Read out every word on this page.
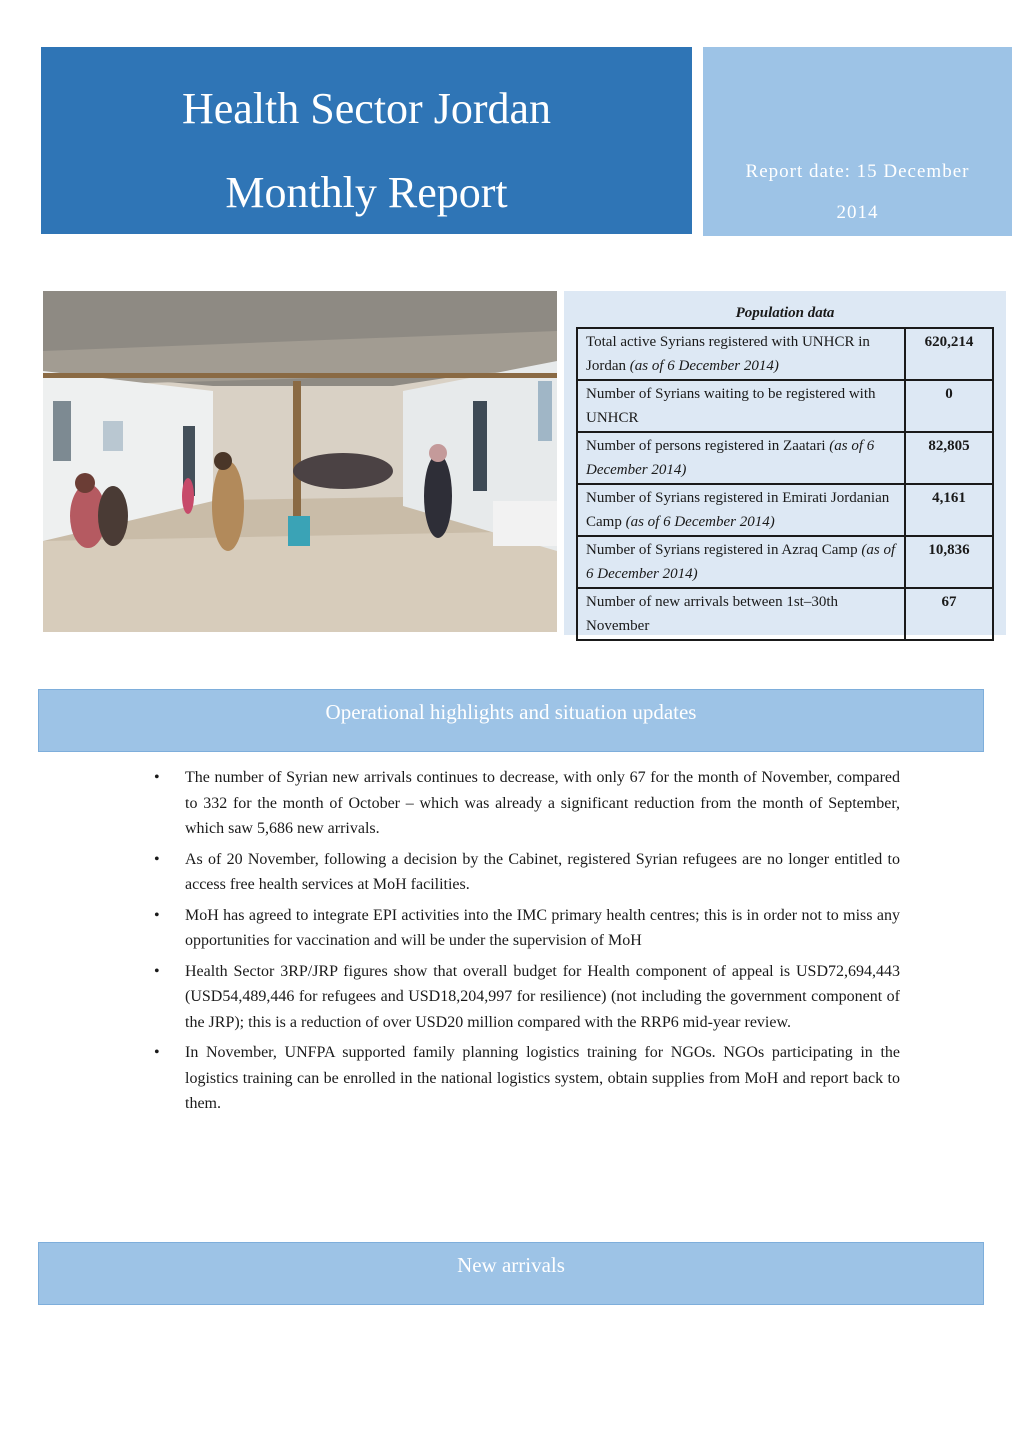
Health Sector Jordan
Monthly Report	Report date: 15 December
2014
Period covered: November 1st–30th 2014
Population data
Total active Syrians registered with UNHCR in Jordan (as of 6 December 2014)	620,214
Number of Syrians waiting to be registered with UNHCR	0
Number of persons registered in Zaatari (as of 6 December 2014)	82,805
Number of Syrians registered in Emirati Jordanian Camp (as of 6 December 2014)	4,161
Number of Syrians registered in Azraq Camp (as of 6 December 2014)	10,836
Number of new arrivals between 1st–30th November	67
Operational highlights and situation updates
• The number of Syrian new arrivals continues to decrease, with only 67 for the month of November, compared to 332 for the month of October – which was already a significant reduction from the month of September, which saw 5,686 new arrivals.
• As of 20 November, following a decision by the Cabinet, registered Syrian refugees are no longer entitled to access free health services at MoH facilities.
• MoH has agreed to integrate EPI activities into the IMC primary health centres; this is in order not to miss any opportunities for vaccination and will be under the supervision of MoH
• Health Sector 3RP/JRP figures show that overall budget for Health component of appeal is USD72,694,443 (USD54,489,446 for refugees and USD18,204,997 for resilience) (not including the government component of the JRP); this is a reduction of over USD20 million compared with the RRP6 mid-year review.
• In November, UNFPA supported family planning logistics training for NGOs. NGOs participating in the logistics training can be enrolled in the national logistics system, obtain supplies from MoH and report back to them.
New arrivals
